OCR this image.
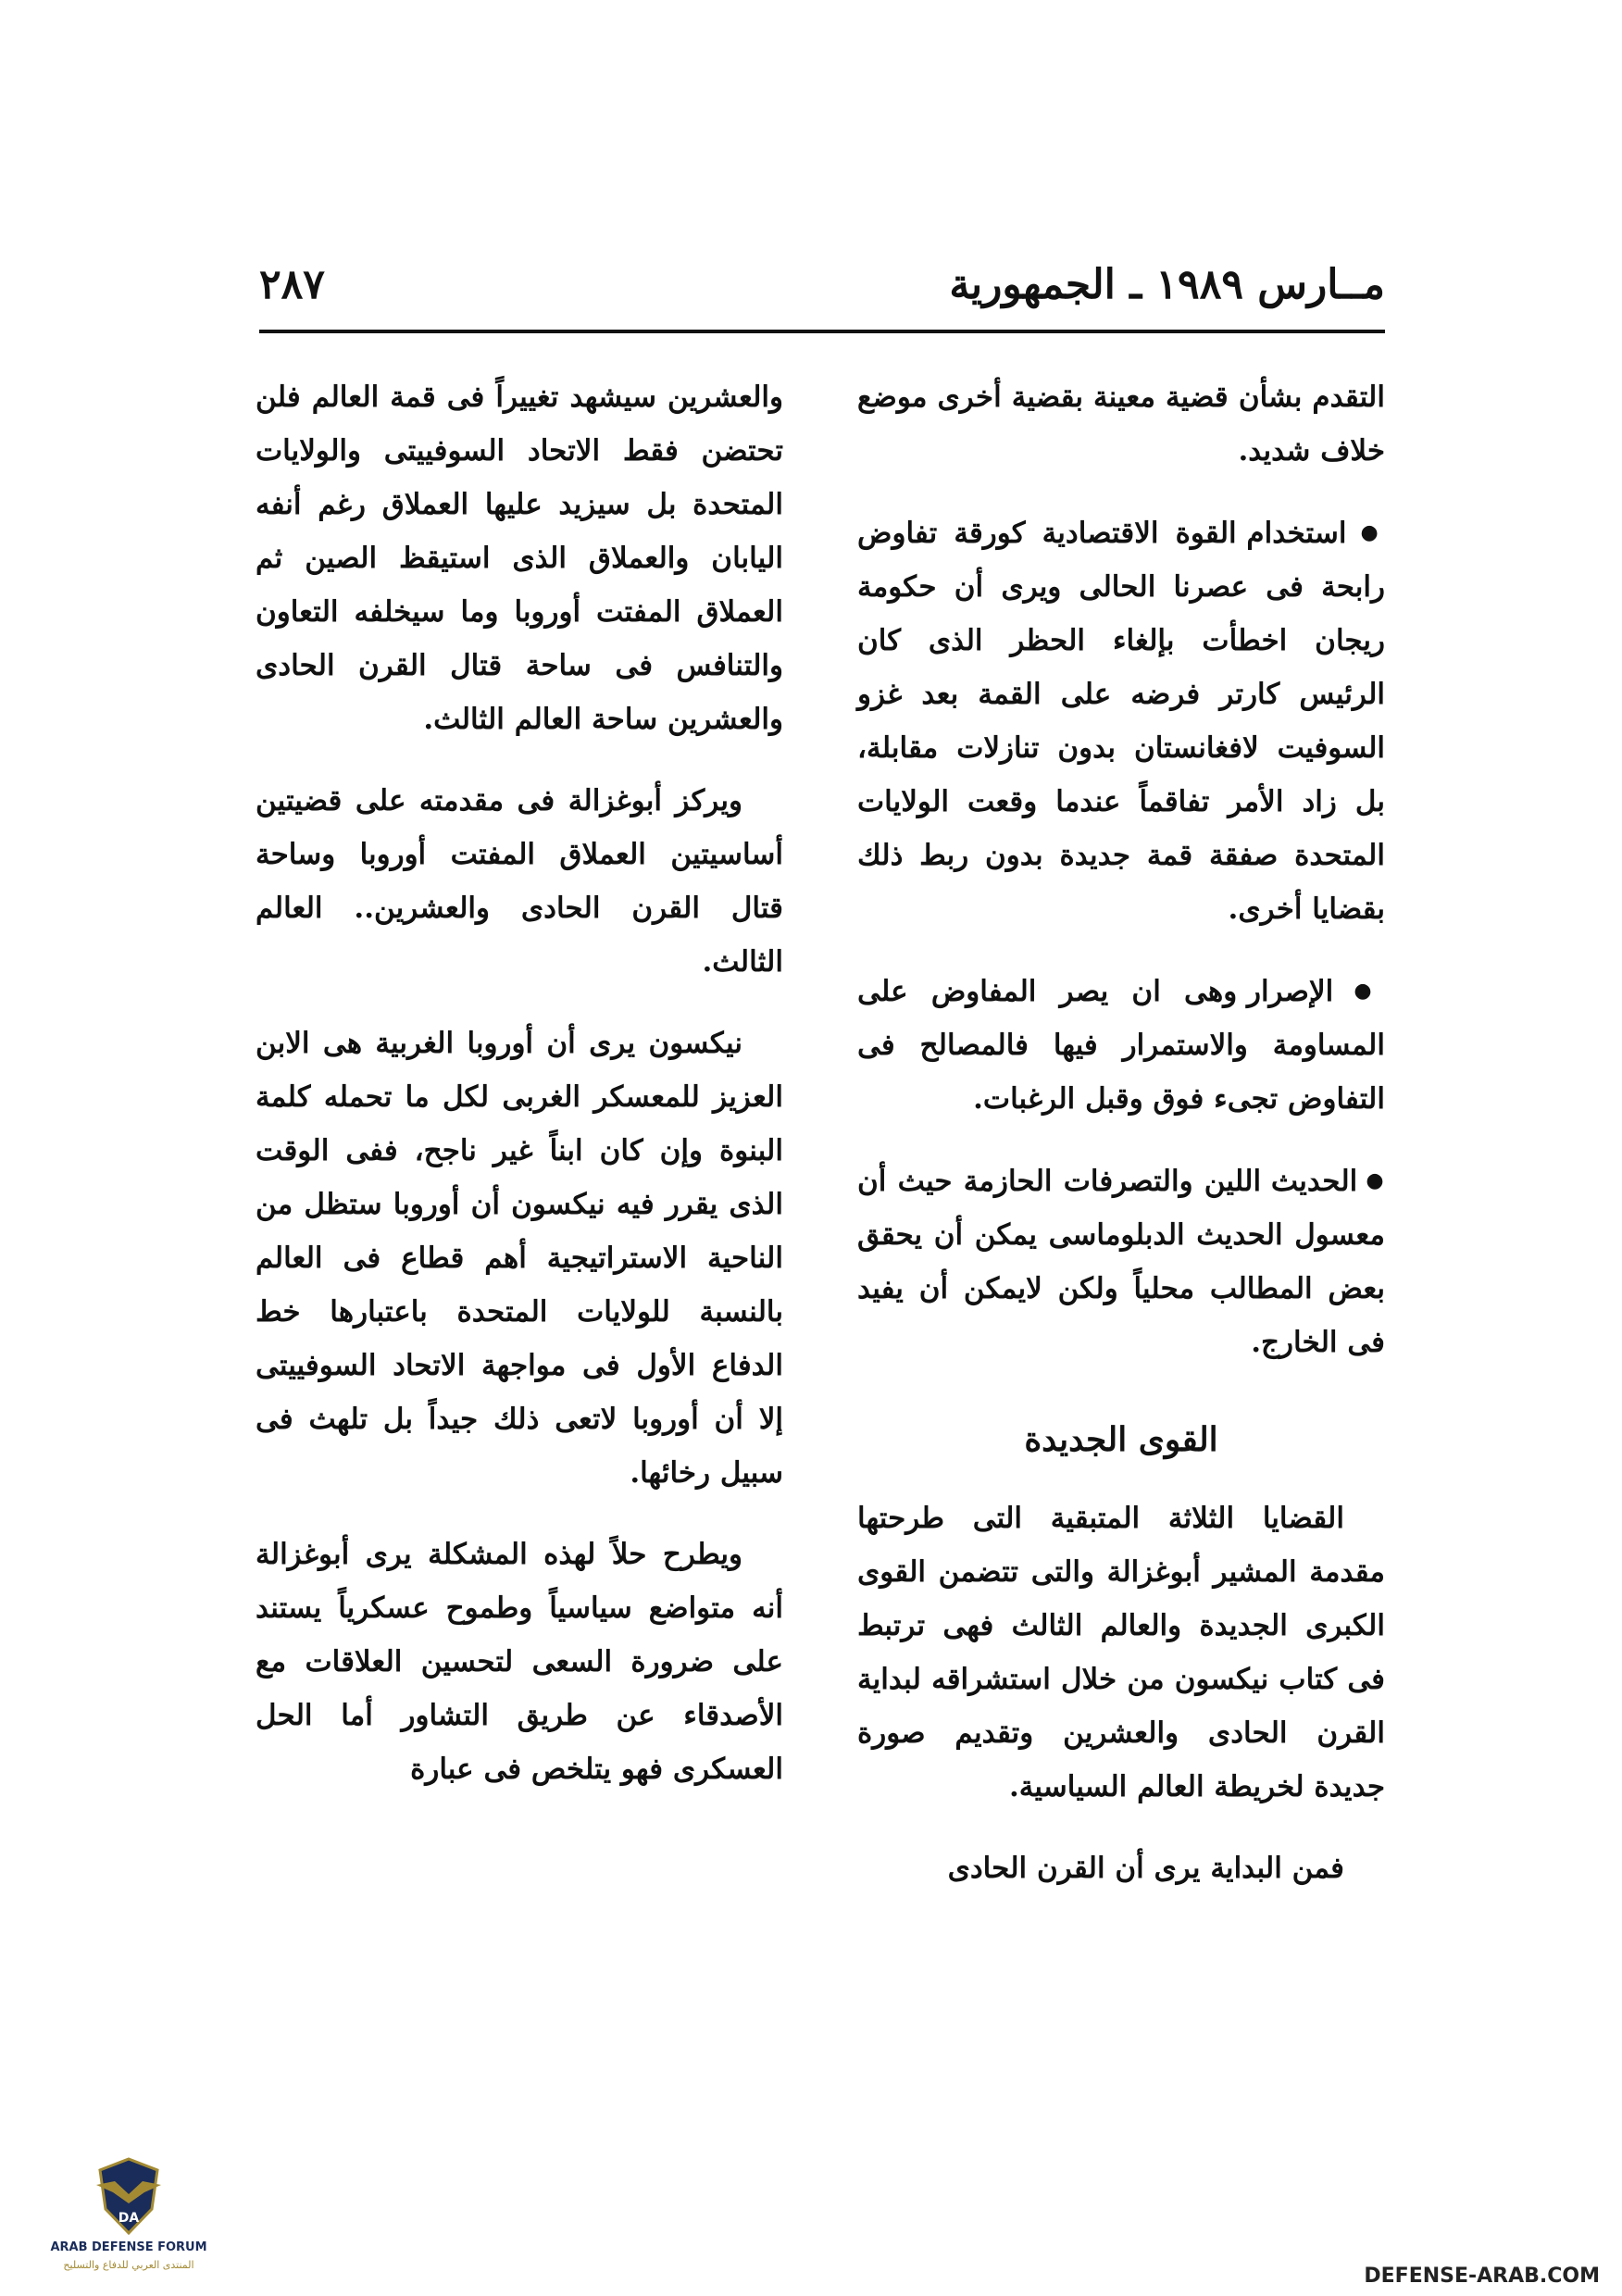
مــارس ١٩٨٩ ـ الجمهورية
٢٨٧

التقدم بشأن قضية معينة بقضية أخرى موضع خلاف شديد.

● استخدام القوة الاقتصادية كورقة تفاوض رابحة فى عصرنا الحالى ويرى أن حكومة ريجان اخطأت بإلغاء الحظر الذى كان الرئيس كارتر فرضه على القمة بعد غزو السوفيت لافغانستان بدون تنازلات مقابلة، بل زاد الأمر تفاقماً عندما وقعت الولايات المتحدة صفقة قمة جديدة بدون ربط ذلك بقضايا أخرى.

● الإصرار وهى ان يصر المفاوض على المساومة والاستمرار فيها فالمصالح فى التفاوض تجىء فوق وقبل الرغبات.

● الحديث اللين والتصرفات الحازمة حيث أن معسول الحديث الدبلوماسى يمكن أن يحقق بعض المطالب محلياً ولكن لايمكن أن يفيد فى الخارج.

القوى الجديدة

القضايا الثلاثة المتبقية التى طرحتها مقدمة المشير أبوغزالة والتى تتضمن القوى الكبرى الجديدة والعالم الثالث فهى ترتبط فى كتاب نيكسون من خلال استشراقه لبداية القرن الحادى والعشرين وتقديم صورة جديدة لخريطة العالم السياسية.

فمن البداية يرى أن القرن الحادى

والعشرين سيشهد تغييراً فى قمة العالم فلن تحتضن فقط الاتحاد السوفييتى والولايات المتحدة بل سيزيد عليها العملاق رغم أنفه اليابان والعملاق الذى استيقظ الصين ثم العملاق المفتت أوروبا وما سيخلفه التعاون والتنافس فى ساحة قتال القرن الحادى والعشرين ساحة العالم الثالث.

ويركز أبوغزالة فى مقدمته على قضيتين أساسيتين العملاق المفتت أوروبا وساحة قتال القرن الحادى والعشرين.. العالم الثالث.

نيكسون يرى أن أوروبا الغربية هى الابن العزيز للمعسكر الغربى لكل ما تحمله كلمة البنوة وإن كان ابناً غير ناجح، ففى الوقت الذى يقرر فيه نيكسون أن أوروبا ستظل من الناحية الاستراتيجية أهم قطاع فى العالم بالنسبة للولايات المتحدة باعتبارها خط الدفاع الأول فى مواجهة الاتحاد السوفييتى إلا أن أوروبا لاتعى ذلك جيداً بل تلهث فى سبيل رخائها.

ويطرح حلاً لهذه المشكلة يرى أبوغزالة أنه متواضع سياسياً وطموح عسكرياً يستند على ضرورة السعى لتحسين العلاقات مع الأصدقاء عن طريق التشاور أما الحل العسكرى فهو يتلخص فى عبارة

DA
ARAB DEFENSE FORUM
المنتدى العربي للدفاع والتسليح	DEFENSE-ARAB.COM
